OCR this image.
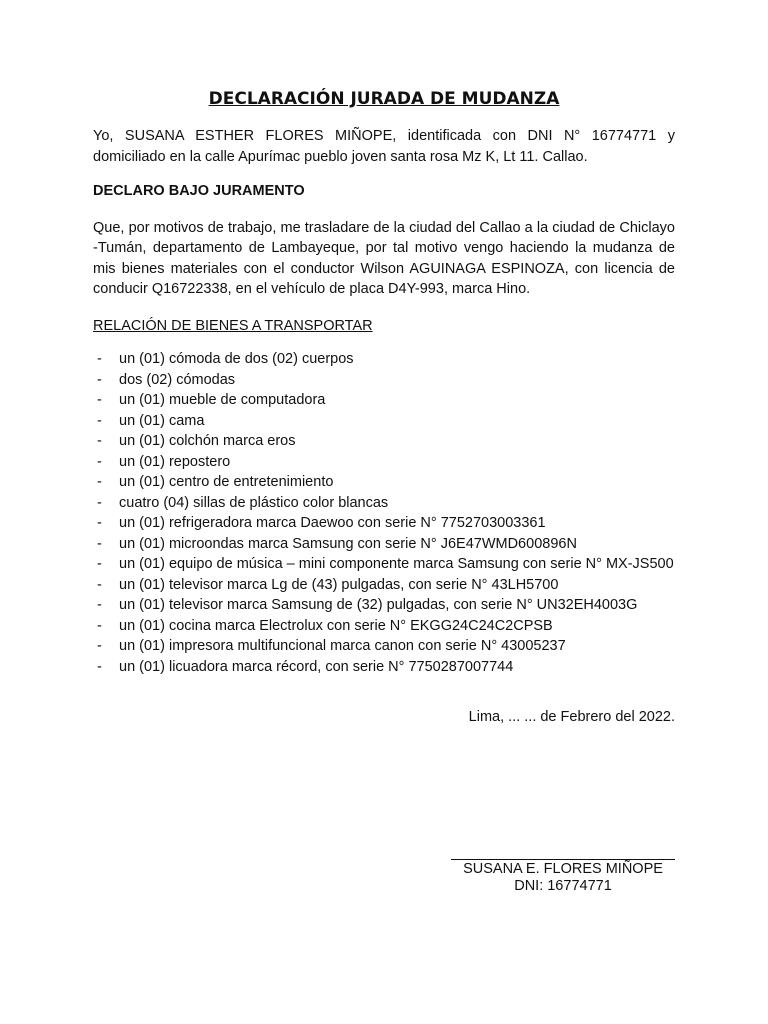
DECLARACIÓN JURADA DE MUDANZA

Yo, SUSANA ESTHER FLORES MIÑOPE, identificada con DNI N° 16774771 y domiciliado en la calle Apurímac pueblo joven santa rosa Mz K, Lt 11. Callao.

DECLARO BAJO JURAMENTO

Que, por motivos de trabajo, me trasladare de la ciudad del Callao a la ciudad de Chiclayo -Tumán, departamento de Lambayeque, por tal motivo vengo haciendo la mudanza de mis bienes materiales con el conductor Wilson AGUINAGA ESPINOZA, con licencia de conducir Q16722338, en el vehículo de placa D4Y-993, marca Hino.

RELACIÓN DE BIENES A TRANSPORTAR

- un (01) cómoda de dos (02) cuerpos
- dos (02) cómodas
- un (01) mueble de computadora
- un (01) cama
- un (01) colchón marca eros
- un (01) repostero
- un (01) centro de entretenimiento
- cuatro (04) sillas de plástico color blancas
- un (01) refrigeradora marca Daewoo con serie N° 7752703003361
- un (01) microondas marca Samsung con serie N° J6E47WMD600896N
- un (01) equipo de música – mini componente marca Samsung con serie N° MX-JS500
- un (01) televisor marca Lg de (43) pulgadas, con serie N° 43LH5700
- un (01) televisor marca Samsung de (32) pulgadas, con serie N° UN32EH4003G
- un (01) cocina marca Electrolux con serie N° EKGG24C24C2CPSB
- un (01) impresora multifuncional marca canon con serie N° 43005237
- un (01) licuadora marca récord, con serie N° 7750287007744

Lima, ... ... de Febrero del 2022.

SUSANA E. FLORES MIÑOPE
DNI: 16774771
